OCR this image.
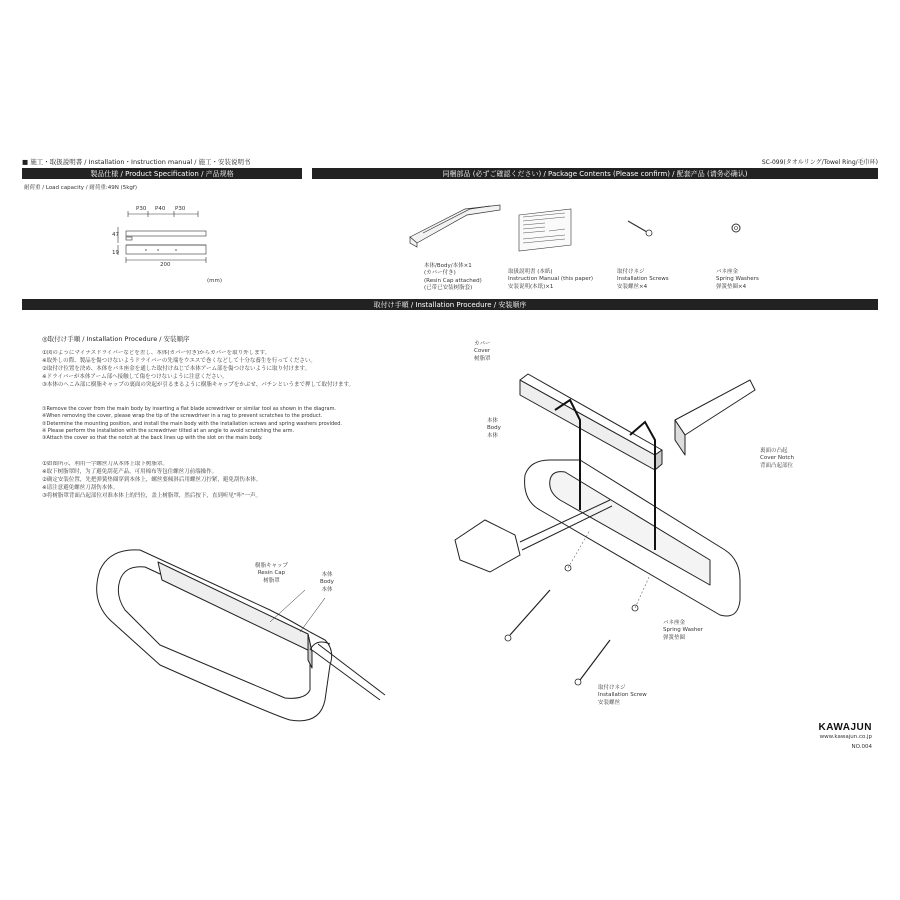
■ 施工・取扱説明書 / Installation・Instruction manual / 施工・安装说明书	SC-099(タオルリング/Towel Ring/毛巾环)
製品仕様 / Product Specification / 产品规格
耐荷重 / Load capacity / 耐荷重:49N (5kgf)
P30 P40 P30
47
19
200
(mm)
同梱部品 (必ずご確認ください) / Package Contents (Please confirm) / 配套产品 (请务必确认)
本体/Body/本体×1
(カバー付き)
(Resin Cap attached)
(已带已安装树脂套)
取扱説明書 (本紙)
Instruction Manual (this paper)
安装说明(本纸)×1
取付けネジ
Installation Screws
安装螺丝×4
バネ座金
Spring Washers
弹簧垫圈×4
取付け手順 / Installation Procedure / 安装顺序
◎取付け手順 / Installation Procedure / 安装顺序
①図のようにマイナスドライバーなどを差し、本体(カバー付き)からカバーを取り外します。
※取外しの際、製品を傷つけないようドライバーの先端をウエスで巻くなどして十分な養生を行ってください。
②取付け位置を決め、本体をバネ座金を通した取付けねじで本体アーム部を傷つけないように取り付けます。
※ドライバーが本体アーム部へ接触して傷をつけないように注意ください。
③本体のへこみ部に樹脂キャップの裏面の突起が引るまるように樹脂キャップをかぶせ、パチンというまで押して取付けます。
①Remove the cover from the main body by inserting a flat blade screwdriver or similar tool as shown in the diagram.
※When removing the cover, please wrap the tip of the screwdriver in a rag to prevent scratches to the product.
②Determine the mounting position, and install the main body with the installation screws and spring washers provided.
※ Please perform the installation with the screwdriver tilted at an angle to avoid scratching the arm.
③Attach the cover so that the notch at the back lines up with the slot on the main body.
①如图所示，利用一字螺丝刀从本体上取下树脂罩。
※取下树脂罩时，为了避免刮花产品，可用棉布等包住螺丝刀前端操作。
②确定安装位置，先把弹簧垫圈穿到本体上，螺丝要倾斜后用螺丝刀拧紧，避免刮伤本体。
※请注意避免螺丝刀刮伤本体。
③将树脂罩背面凸起部位对准本体上的凹位，盖上树脂罩，然后按下，直到听见"咔"一声。
樹脂キャップ
Resin Cap
树脂罩
本体
Body
本体
カバー
Cover
树脂罩
本体
Body
本体
裏面の凸起
Cover Notch
背面凸起部位
バネ座金
Spring Washer
弹簧垫圈
取付けネジ
Installation Screw
安装螺丝
KAWAJUN
www.kawajun.co.jp
NO.004
